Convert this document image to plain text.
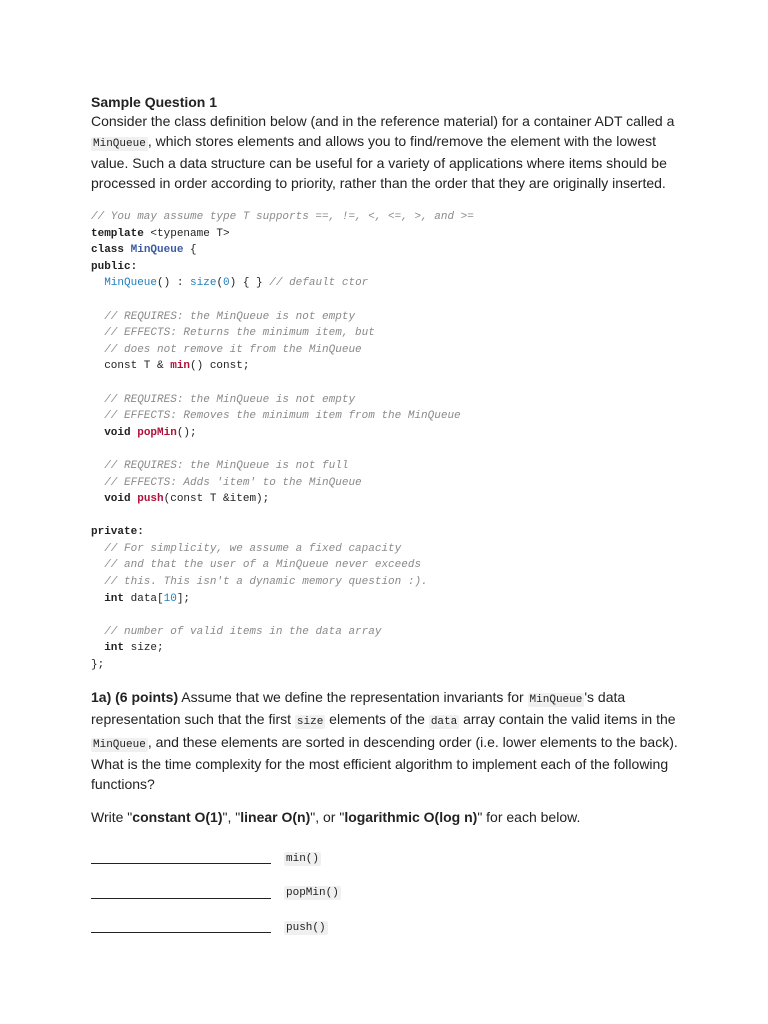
Sample Question 1

Consider the class definition below (and in the reference material) for a container ADT called a MinQueue , which stores elements and allows you to find/remove the element with the lowest value. Such a data structure can be useful for a variety of applications where items should be processed in order according to priority, rather than the order that they are originally inserted.

// You may assume type T supports ==, !=, <, <=, >, and >=
template <typename T>
class MinQueue {
public:
MinQueue() : size(0) { } // default ctor

// REQUIRES: the MinQueue is not empty
// EFFECTS: Returns the minimum item, but
// does not remove it from the MinQueue
const T & min() const;

// REQUIRES: the MinQueue is not empty
// EFFECTS: Removes the minimum item from the MinQueue
void popMin();

// REQUIRES: the MinQueue is not full
// EFFECTS: Adds 'item' to the MinQueue
void push(const T &item);

private:
// For simplicity, we assume a fixed capacity
// and that the user of a MinQueue never exceeds
// this. This isn't a dynamic memory question :).
int data[10];

// number of valid items in the data array
int size;
};

1a) (6 points) Assume that we define the representation invariants for MinQueue 's data representation such that the first size elements of the data array contain the valid items in the MinQueue , and these elements are sorted in descending order (i.e. lower elements to the back). What is the time complexity for the most efficient algorithm to implement each of the following functions?

Write "constant O(1)", "linear O(n)", or "logarithmic O(log n)" for each below.

min()
popMin()
push()
